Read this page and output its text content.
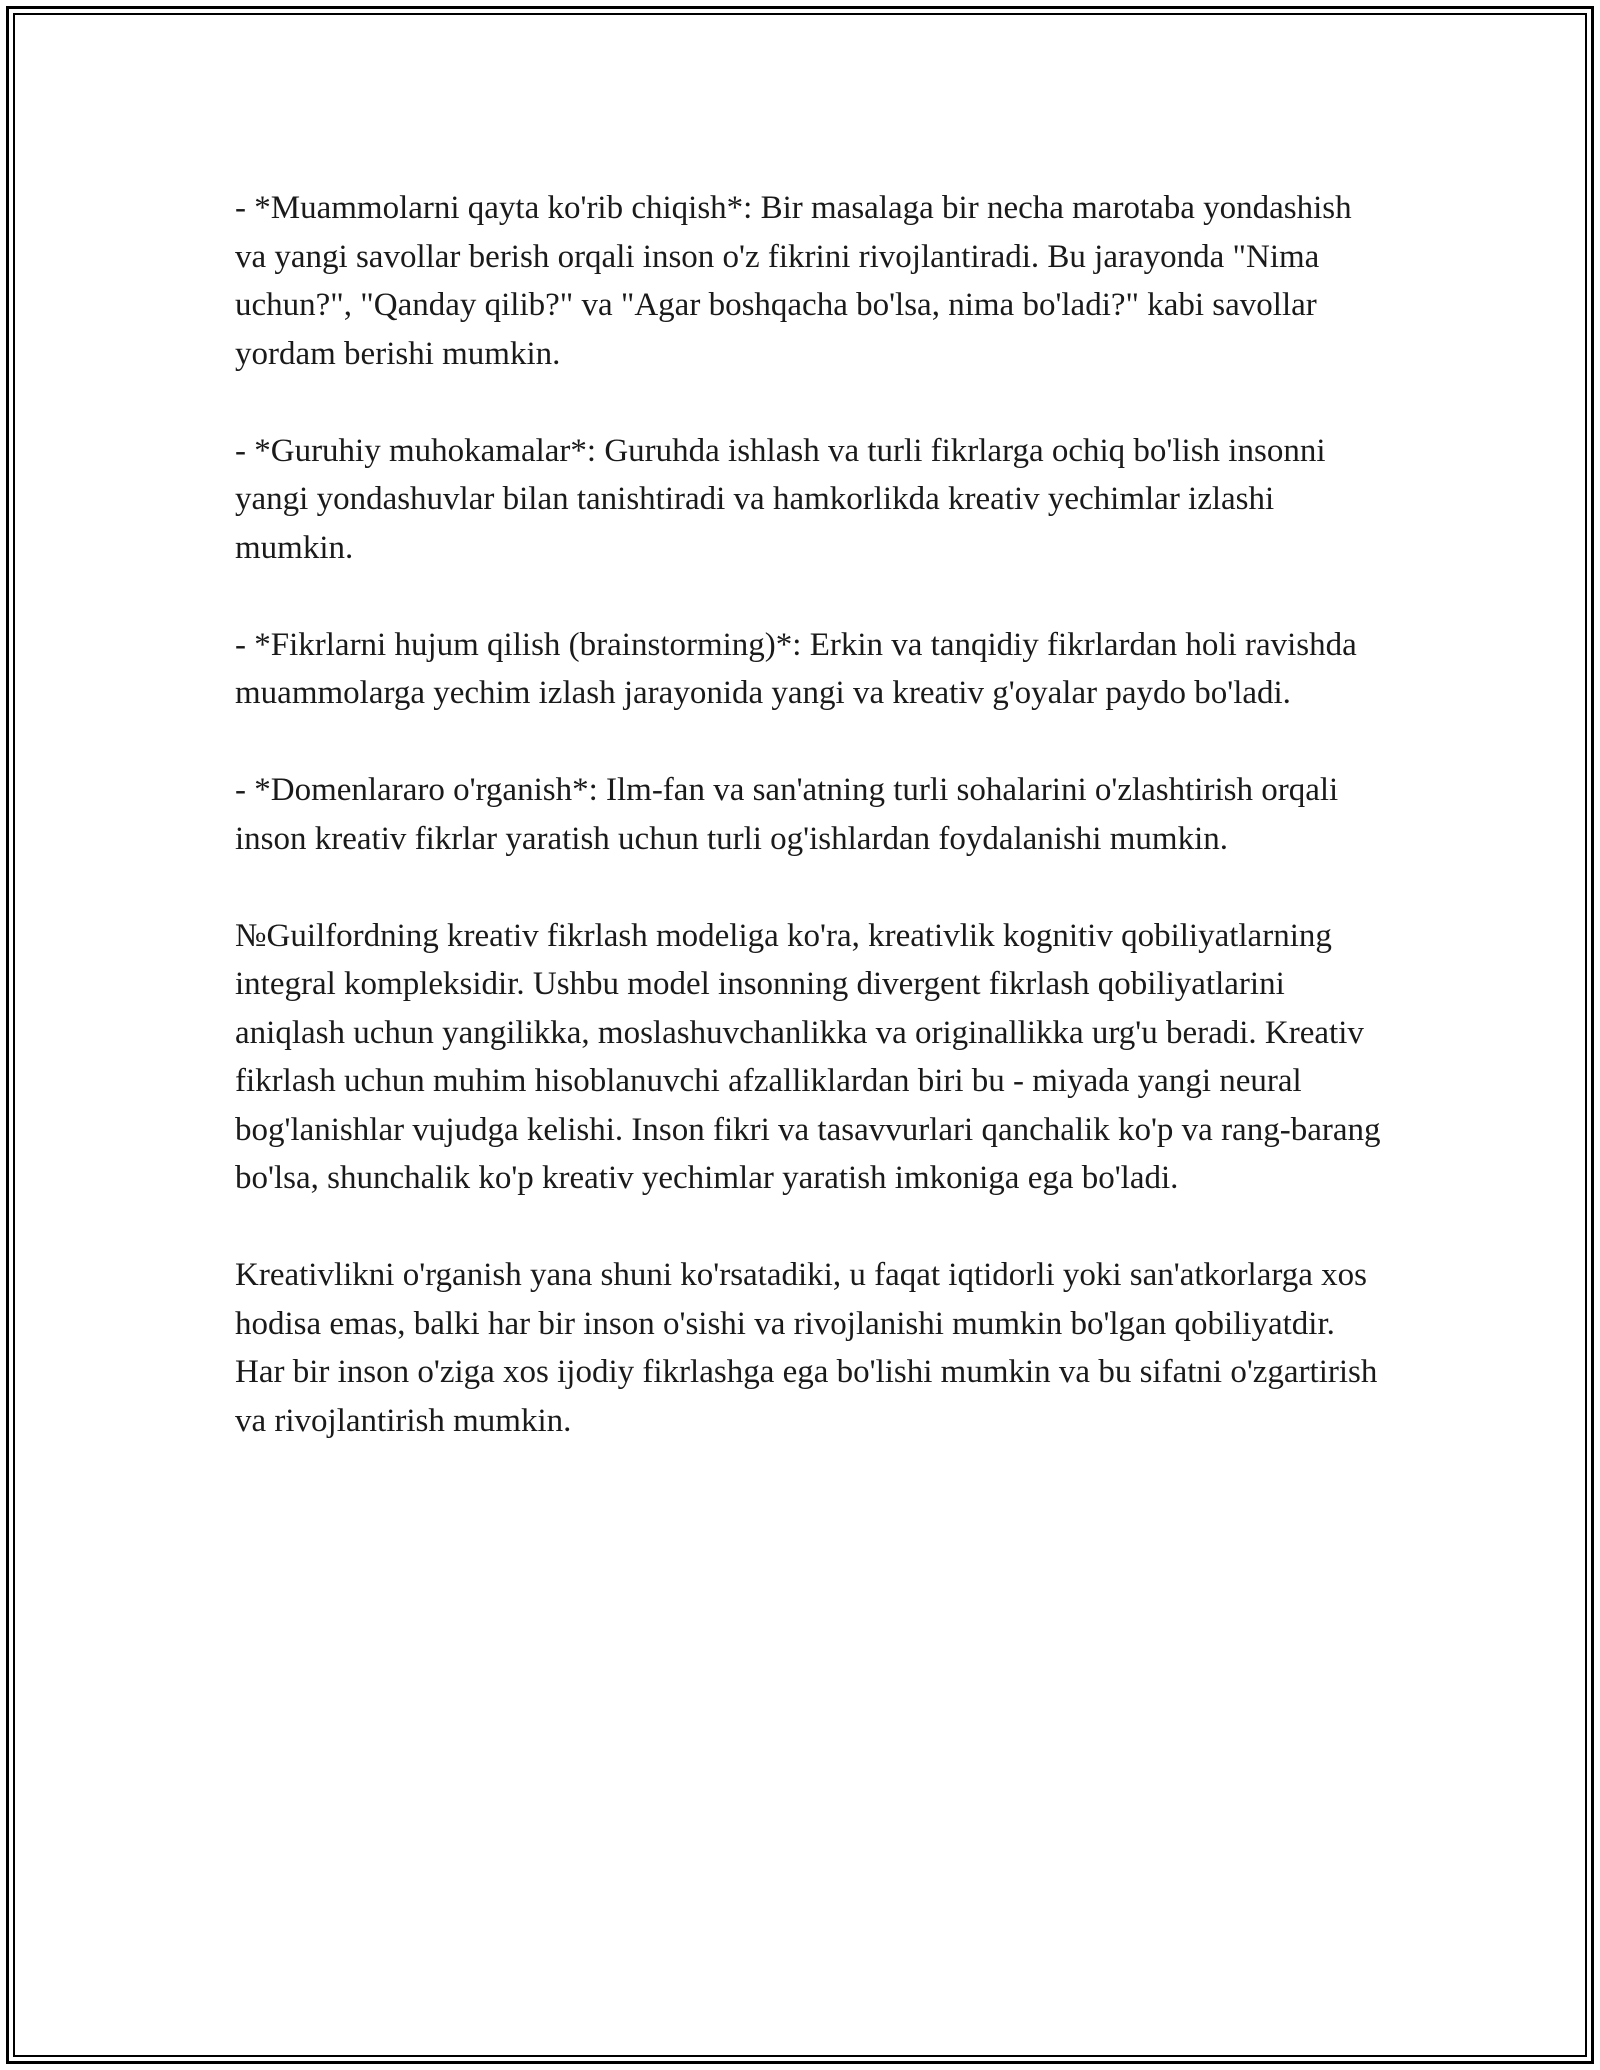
- *Muammolarni qayta ko'rib chiqish*: Bir masalaga bir necha marotaba yondashish va yangi savollar berish orqali inson o'z fikrini rivojlantiradi. Bu jarayonda "Nima uchun?", "Qanday qilib?" va "Agar boshqacha bo'lsa, nima bo'ladi?" kabi savollar yordam berishi mumkin.

- *Guruhiy muhokamalar*: Guruhda ishlash va turli fikrlarga ochiq bo'lish insonni yangi yondashuvlar bilan tanishtiradi va hamkorlikda kreativ yechimlar izlashi mumkin.

- *Fikrlarni hujum qilish (brainstorming)*: Erkin va tanqidiy fikrlardan holi ravishda muammolarga yechim izlash jarayonida yangi va kreativ g'oyalar paydo bo'ladi.

- *Domenlararo o'rganish*: Ilm-fan va san'atning turli sohalarini o'zlashtirish orqali inson kreativ fikrlar yaratish uchun turli og'ishlardan foydalanishi mumkin.

№Guilfordning kreativ fikrlash modeliga ko'ra, kreativlik kognitiv qobiliyatlarning integral kompleksidir. Ushbu model insonning divergent fikrlash qobiliyatlarini aniqlash uchun yangilikka, moslashuvchanlikka va originallikka urg'u beradi. Kreativ fikrlash uchun muhim hisoblanuvchi afzalliklardan biri bu - miyada yangi neural bog'lanishlar vujudga kelishi. Inson fikri va tasavvurlari qanchalik ko'p va rang-barang bo'lsa, shunchalik ko'p kreativ yechimlar yaratish imkoniga ega bo'ladi.

Kreativlikni o'rganish yana shuni ko'rsatadiki, u faqat iqtidorli yoki san'atkorlarga xos hodisa emas, balki har bir inson o'sishi va rivojlanishi mumkin bo'lgan qobiliyatdir. Har bir inson o'ziga xos ijodiy fikrlashga ega bo'lishi mumkin va bu sifatni o'zgartirish va rivojlantirish mumkin.
